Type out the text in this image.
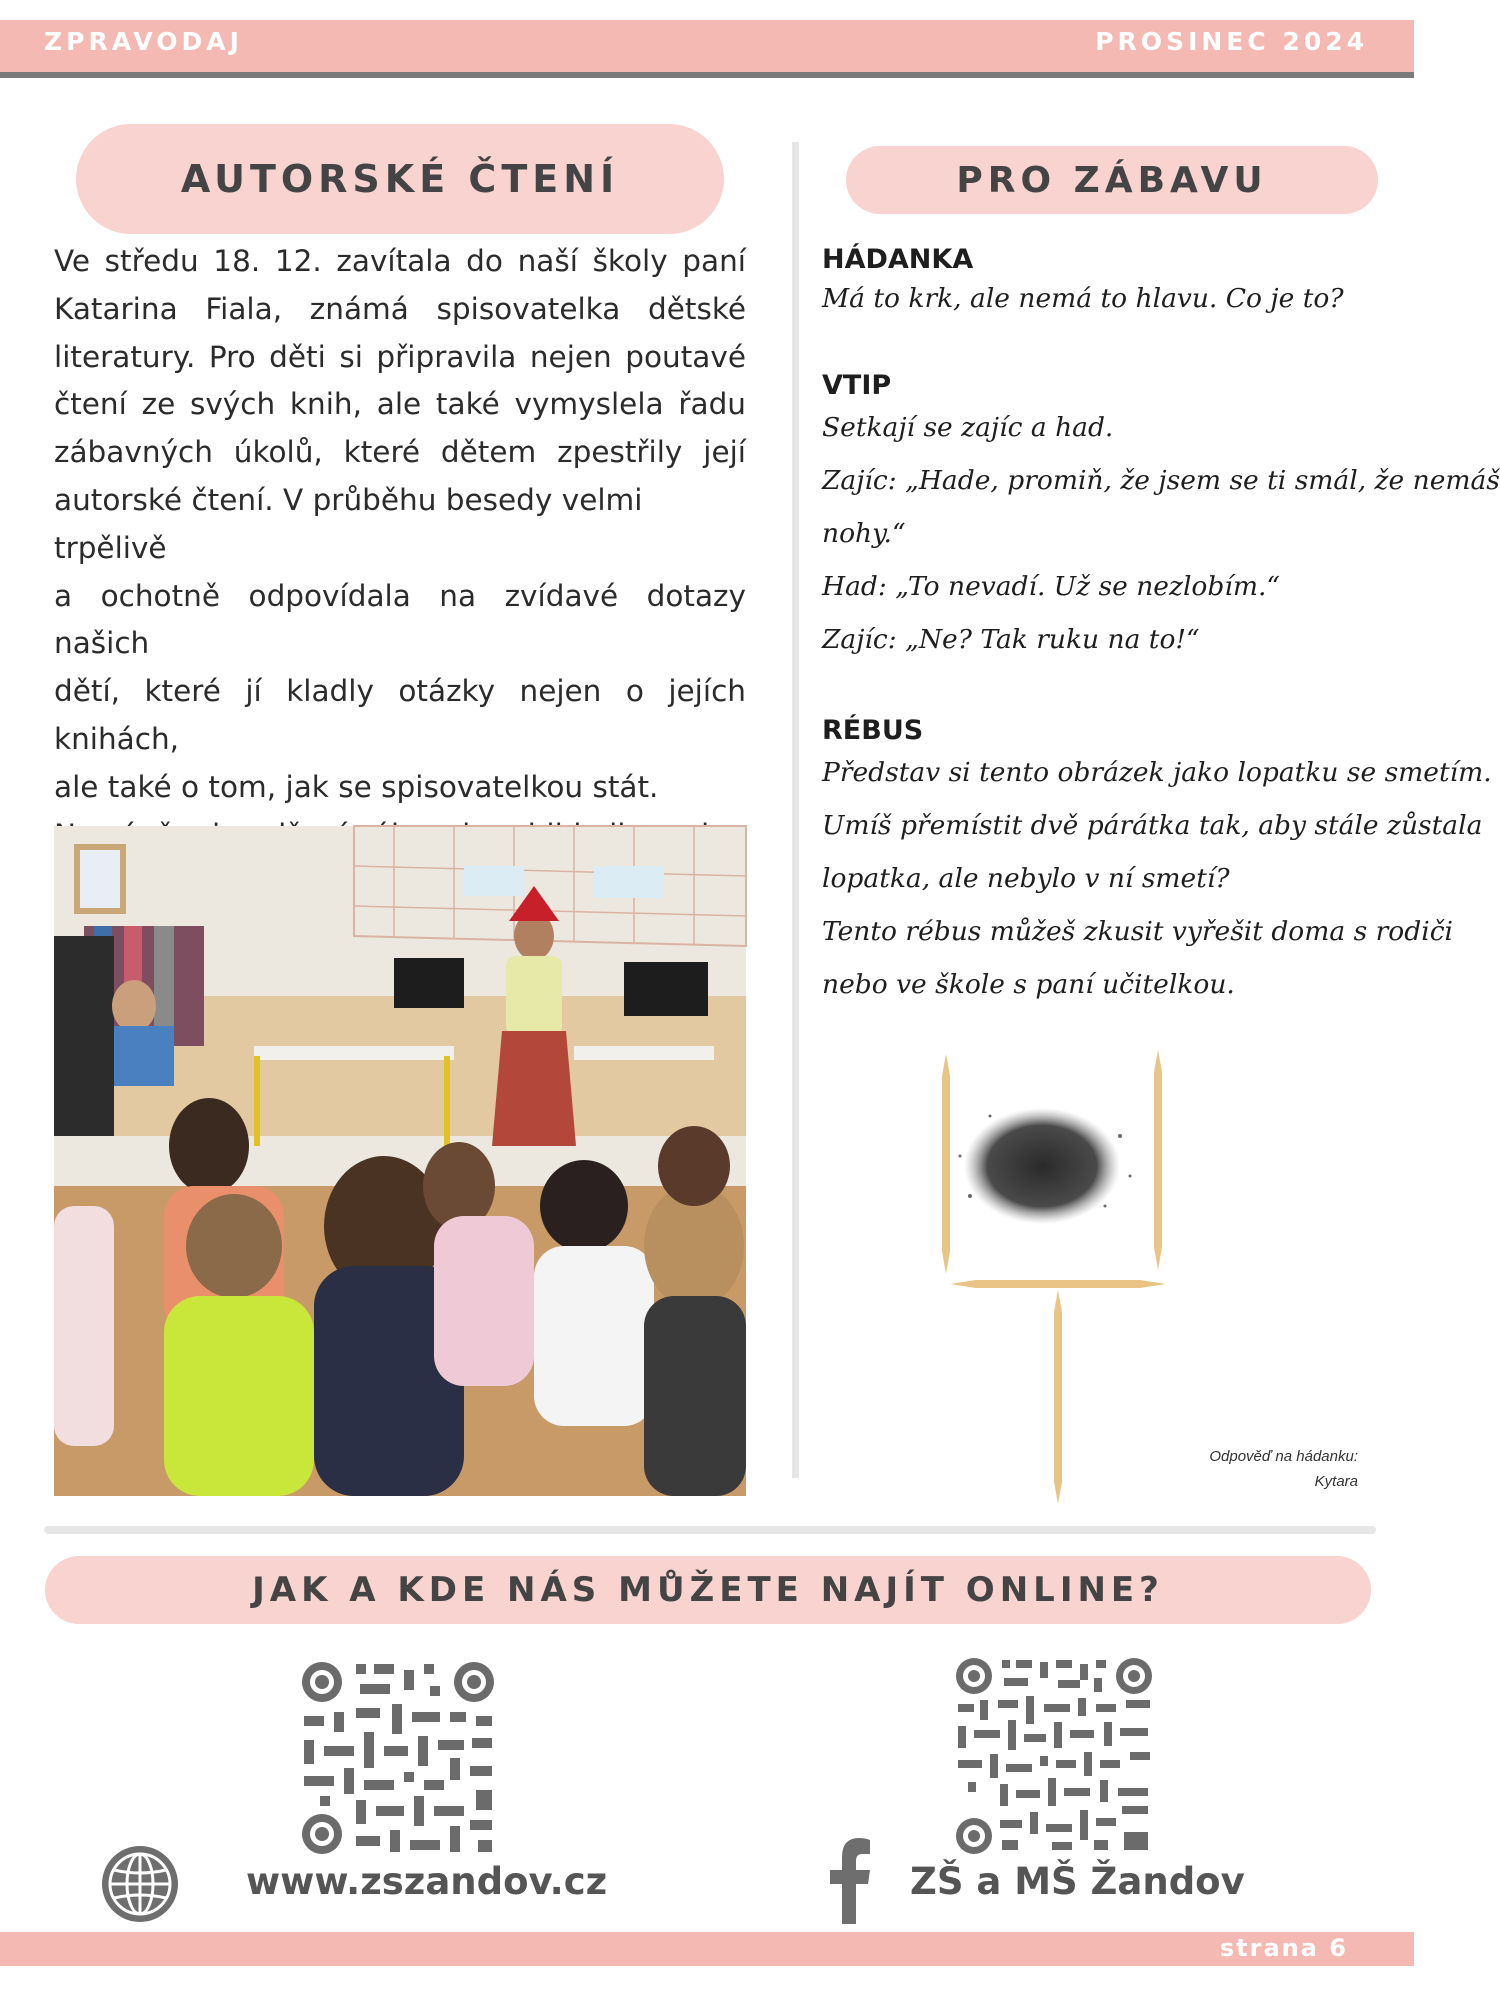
ZPRAVODAJ	PROSINEC 2024
AUTORSKÉ ČTENÍ

Ve středu 18. 12. zavítala do naší školy paní

Katarina Fiala, známá spisovatelka dětské

literatury. Pro děti si připravila nejen poutavé

čtení ze svých knih, ale také vymyslela řadu

zábavných úkolů, které dětem zpestřily její

autorské čtení. V průběhu besedy velmi trpělivě

a ochotně odpovídala na zvídavé dotazy našich

dětí, které jí kladly otázky nejen o jejích knihách,

ale také o tom, jak se spisovatelkou stát.

PRO ZÁBAVU

HÁDANKA

Má to krk, ale nemá to hlavu. Co je to?

VTIP

Setkají se zajíc a had.

Zajíc: „Hade, promiň, že jsem se ti smál, že nemáš

nohy.“

Had: „To nevadí. Už se nezlobím.“

Zajíc: „Ne? Tak ruku na to!“

RÉBUS

Představ si tento obrázek jako lopatku se smetím.

Umíš přemístit dvě párátka tak, aby stále zůstala

lopatka, ale nebylo v ní smetí?

Tento rébus můžeš zkusit vyřešit doma s rodiči

nebo ve škole s paní učitelkou.

Odpověď na hádanku:
Kytara
JAK A KDE NÁS MŮŽETE NAJÍT ONLINE?
www.zszandov.cz	ZŠ a MŠ Žandov
strana 6
